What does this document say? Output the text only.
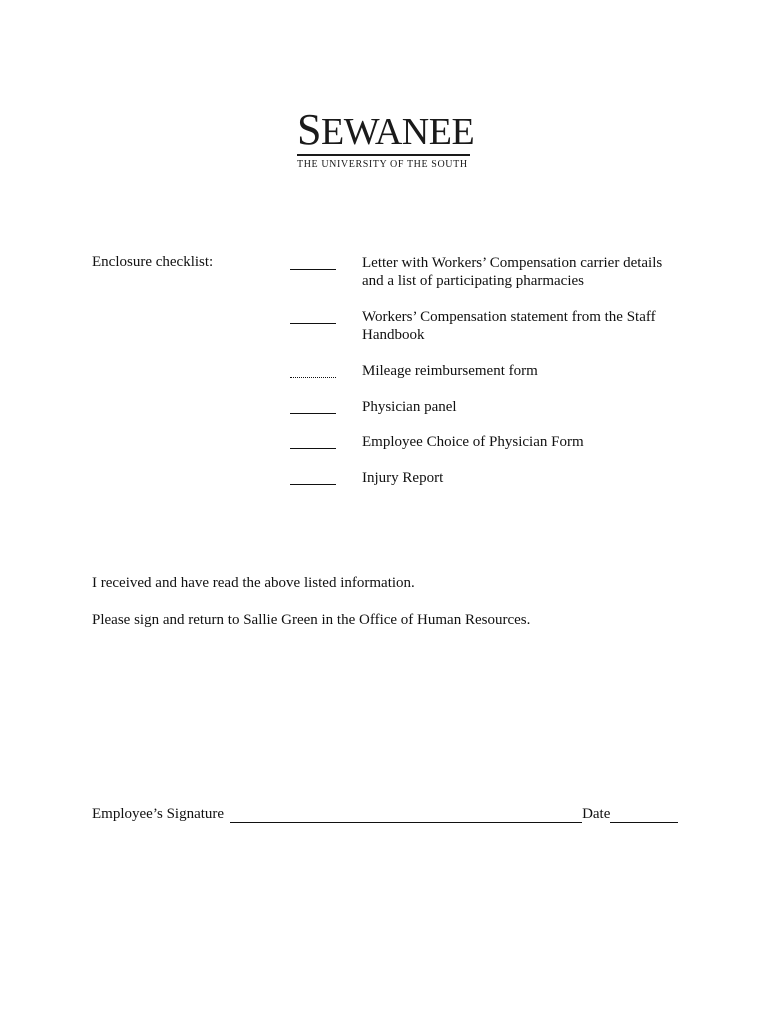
SEWANEE
THE UNIVERSITY OF THE SOUTH
Enclosure checklist:	Letter with Workers’ Compensation carrier details and a list of participating pharmacies
Workers’ Compensation statement from the Staff Handbook
Mileage reimbursement form
Physician panel
Employee Choice of Physician Form
Injury Report
I received and have read the above listed information.
Please sign and return to Sallie Green in the Office of Human Resources.
Employee’s Signature	Date
